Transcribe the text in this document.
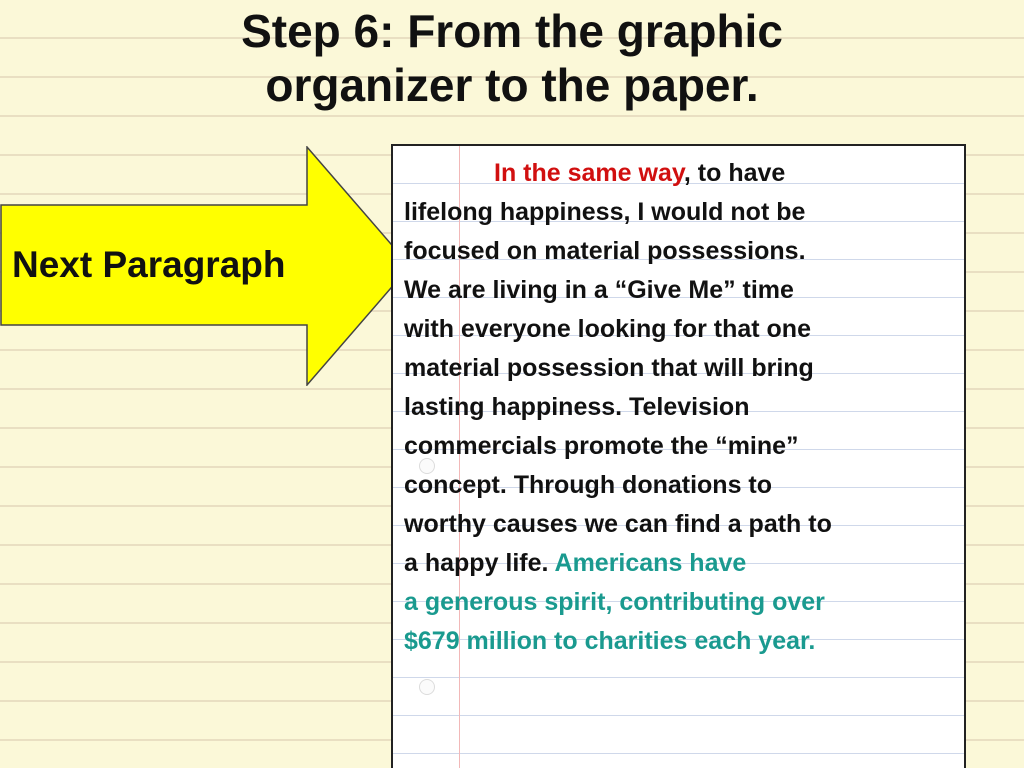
Step 6: From the graphic
organizer to the paper.
Next Paragraph

In the same way, to have
lifelong happiness, I would not be
focused on material possessions.
We are living in a “Give Me” time
with everyone looking for that one
material possession that will bring
lasting happiness. Television
commercials promote the “mine”
concept. Through donations to
worthy causes we can find a path to
a happy life. Americans have
a generous spirit, contributing over
$679 million to charities each year.
